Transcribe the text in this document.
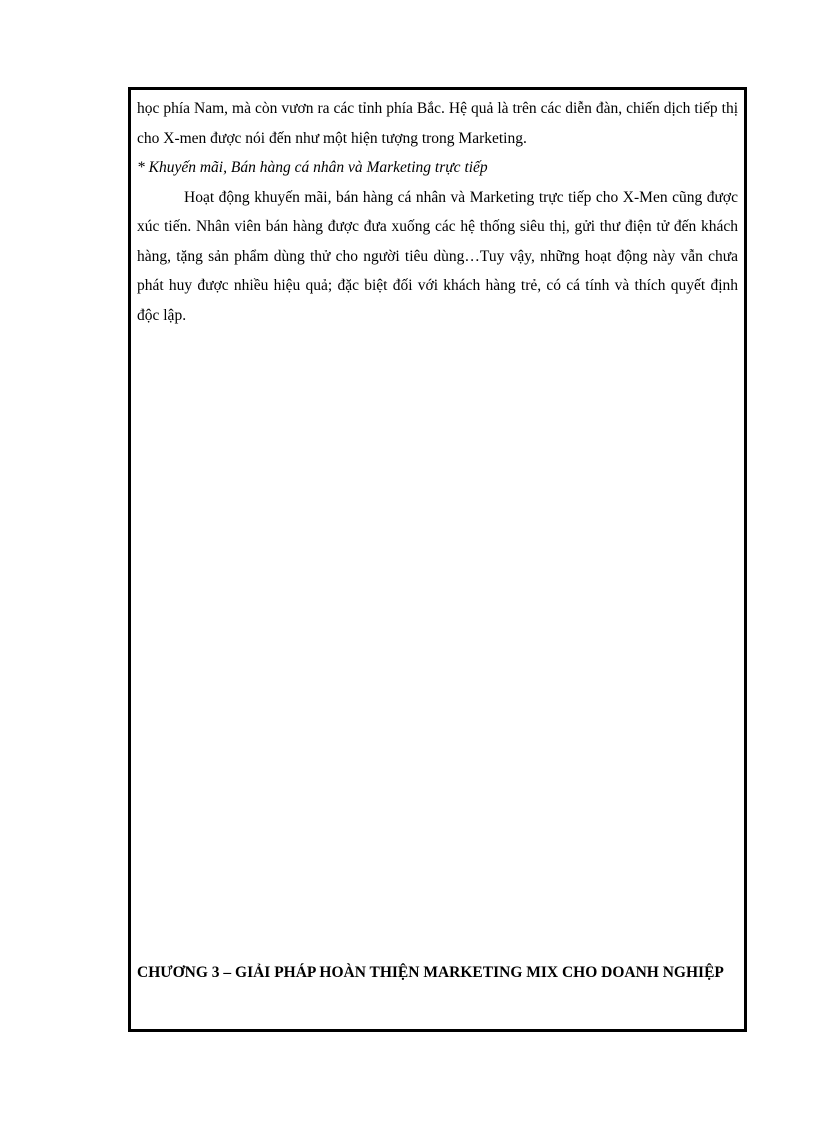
học phía Nam, mà còn vươn ra các tỉnh phía Bắc. Hệ quả là trên các diễn đàn, chiến dịch tiếp thị cho X-men được nói đến như một hiện tượng trong Marketing.

* Khuyến mãi, Bán hàng cá nhân và Marketing trực tiếp

Hoạt động khuyến mãi, bán hàng cá nhân và Marketing trực tiếp cho X-Men cũng được xúc tiến. Nhân viên bán hàng được đưa xuống các hệ thống siêu thị, gửi thư điện tử đến khách hàng, tặng sản phẩm dùng thử cho người tiêu dùng…Tuy vậy, những hoạt động này vẫn chưa phát huy được nhiều hiệu quả; đặc biệt đối với khách hàng trẻ, có cá tính và thích quyết định độc lập.

CHƯƠNG 3 – GIẢI PHÁP HOÀN THIỆN MARKETING MIX CHO DOANH NGHIỆP
